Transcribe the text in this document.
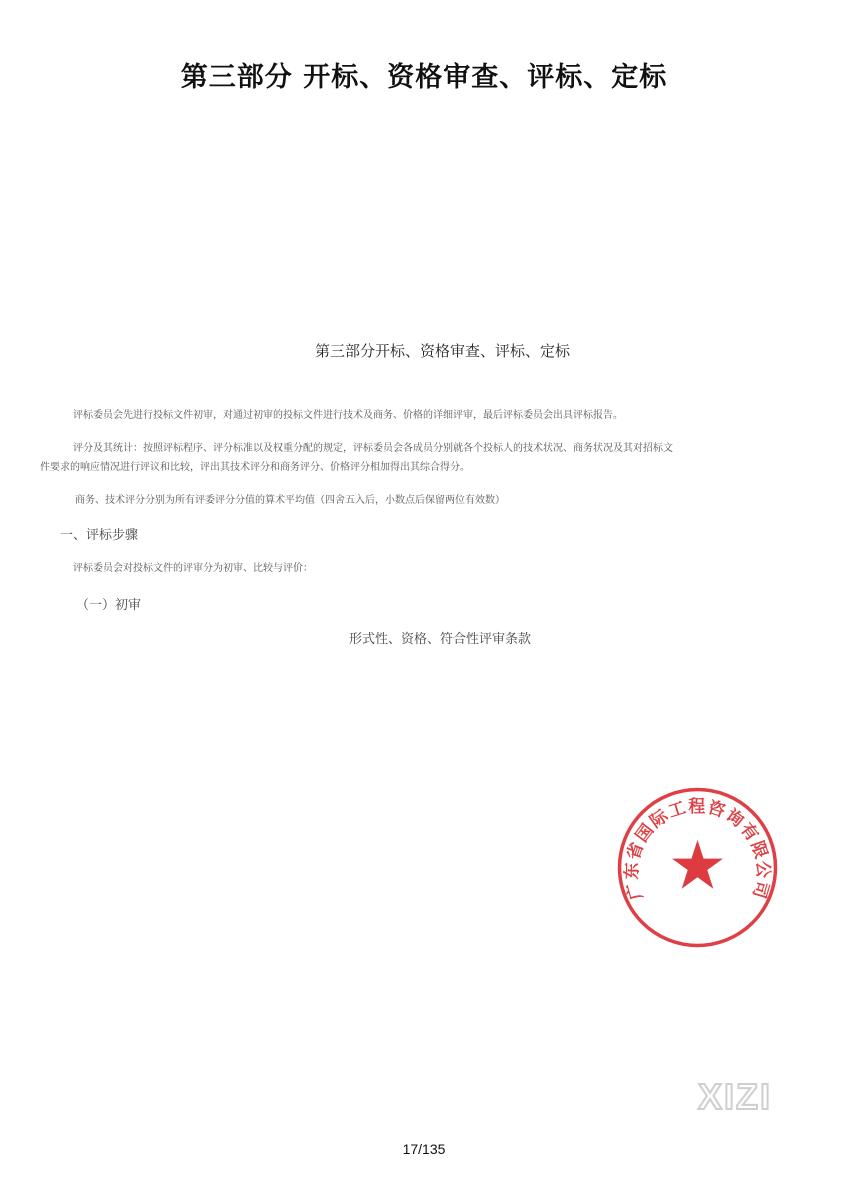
第三部分 开标、资格审查、评标、定标
第三部分开标、资格审查、评标、定标
评标委员会先进行投标文件初审，对通过初审的投标文件进行技术及商务、价格的详细评审，最后评标委员会出具评标报告。
评分及其统计：按照评标程序、评分标准以及权重分配的规定，评标委员会各成员分别就各个投标人的技术状况、商务状况及其对招标文
件要求的响应情况进行评议和比较，评出其技术评分和商务评分、价格评分相加得出其综合得分。
商务、技术评分分别为所有评委评分分值的算术平均值（四舍五入后，小数点后保留两位有效数）
一、评标步骤
评标委员会对投标文件的评审分为初审、比较与评价：
（一）初审
形式性、资格、符合性评审条款
广东省国际工程咨询有限公司
XIZI
17/135
